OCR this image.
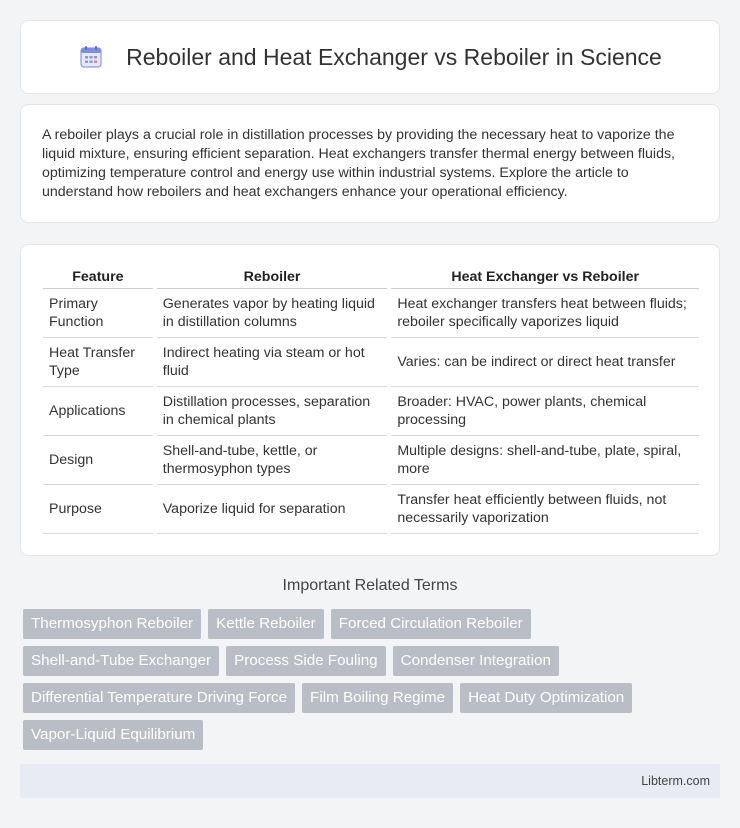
Reboiler and Heat Exchanger vs Reboiler in Science

A reboiler plays a crucial role in distillation processes by providing the necessary heat to vaporize the liquid mixture, ensuring efficient separation. Heat exchangers transfer thermal energy between fluids, optimizing temperature control and energy use within industrial systems. Explore the article to understand how reboilers and heat exchangers enhance your operational efficiency.

Feature	Reboiler	Heat Exchanger vs Reboiler
Primary Function	Generates vapor by heating liquid in distillation columns	Heat exchanger transfers heat between fluids; reboiler specifically vaporizes liquid
Heat Transfer Type	Indirect heating via steam or hot fluid	Varies: can be indirect or direct heat transfer
Applications	Distillation processes, separation in chemical plants	Broader: HVAC, power plants, chemical processing
Design	Shell-and-tube, kettle, or thermosyphon types	Multiple designs: shell-and-tube, plate, spiral, more
Purpose	Vaporize liquid for separation	Transfer heat efficiently between fluids, not necessarily vaporization
Important Related Terms
Thermosyphon Reboiler	Kettle Reboiler	Forced Circulation Reboiler
Shell-and-Tube Exchanger	Process Side Fouling	Condenser Integration
Differential Temperature Driving Force	Film Boiling Regime	Heat Duty Optimization
Vapor-Liquid Equilibrium
Libterm.com
